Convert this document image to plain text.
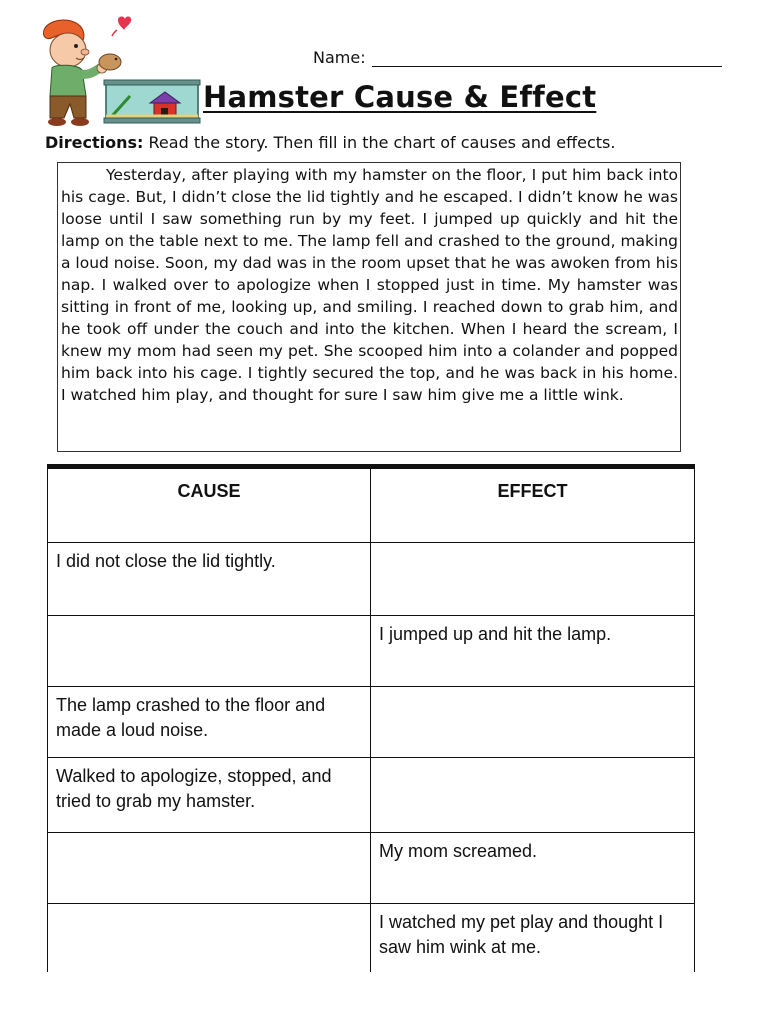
Name:
Hamster Cause & Effect
Directions: Read the story. Then fill in the chart of causes and effects.
Yesterday, after playing with my hamster on the floor, I put him back into his cage. But, I didn’t close the lid tightly and he escaped. I didn’t know he was loose until I saw something run by my feet. I jumped up quickly and hit the lamp on the table next to me. The lamp fell and crashed to the ground, making a loud noise. Soon, my dad was in the room upset that he was awoken from his nap. I walked over to apologize when I stopped just in time. My hamster was sitting in front of me, looking up, and smiling. I reached down to grab him, and he took off under the couch and into the kitchen. When I heard the scream, I knew my mom had seen my pet. She scooped him into a colander and popped him back into his cage. I tightly secured the top, and he was back in his home. I watched him play, and thought for sure I saw him give me a little wink.
CAUSE	EFFECT
I did not close the lid tightly.	
	I jumped up and hit the lamp.
The lamp crashed to the floor and made a loud noise.	
Walked to apologize, stopped, and tried to grab my hamster.	
	My mom screamed.
	I watched my pet play and thought I saw him wink at me.
